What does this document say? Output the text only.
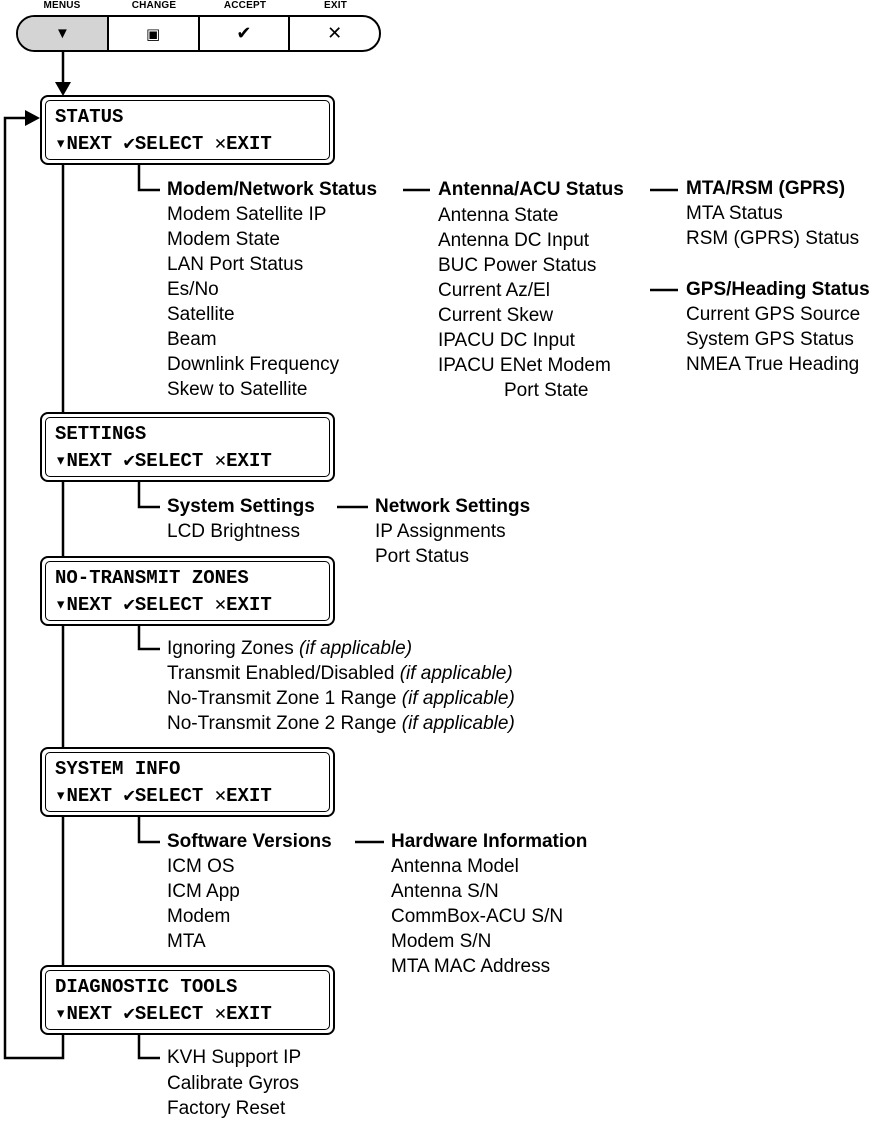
MENUS	CHANGE	ACCEPT	EXIT
▼	▣	✔	✕
STATUS
▾NEXT ✔SELECT ✕EXIT
SETTINGS
▾NEXT ✔SELECT ✕EXIT
NO-TRANSMIT ZONES
▾NEXT ✔SELECT ✕EXIT
SYSTEM INFO
▾NEXT ✔SELECT ✕EXIT
DIAGNOSTIC TOOLS
▾NEXT ✔SELECT ✕EXIT
Modem/Network Status
Modem Satellite IP
Modem State
LAN Port Status
Es/No
Satellite
Beam
Downlink Frequency
Skew to Satellite
Antenna/ACU Status
Antenna State
Antenna DC Input
BUC Power Status
Current Az/El
Current Skew
IPACU DC Input
IPACU ENet Modem
Port State
MTA/RSM (GPRS)
MTA Status
RSM (GPRS) Status
GPS/Heading Status
Current GPS Source
System GPS Status
NMEA True Heading
System Settings
LCD Brightness
Network Settings
IP Assignments
Port Status
Ignoring Zones (if applicable)
Transmit Enabled/Disabled (if applicable)
No-Transmit Zone 1 Range (if applicable)
No-Transmit Zone 2 Range (if applicable)
Software Versions
ICM OS
ICM App
Modem
MTA
Hardware Information
Antenna Model
Antenna S/N
CommBox-ACU S/N
Modem S/N
MTA MAC Address
KVH Support IP
Calibrate Gyros
Factory Reset
